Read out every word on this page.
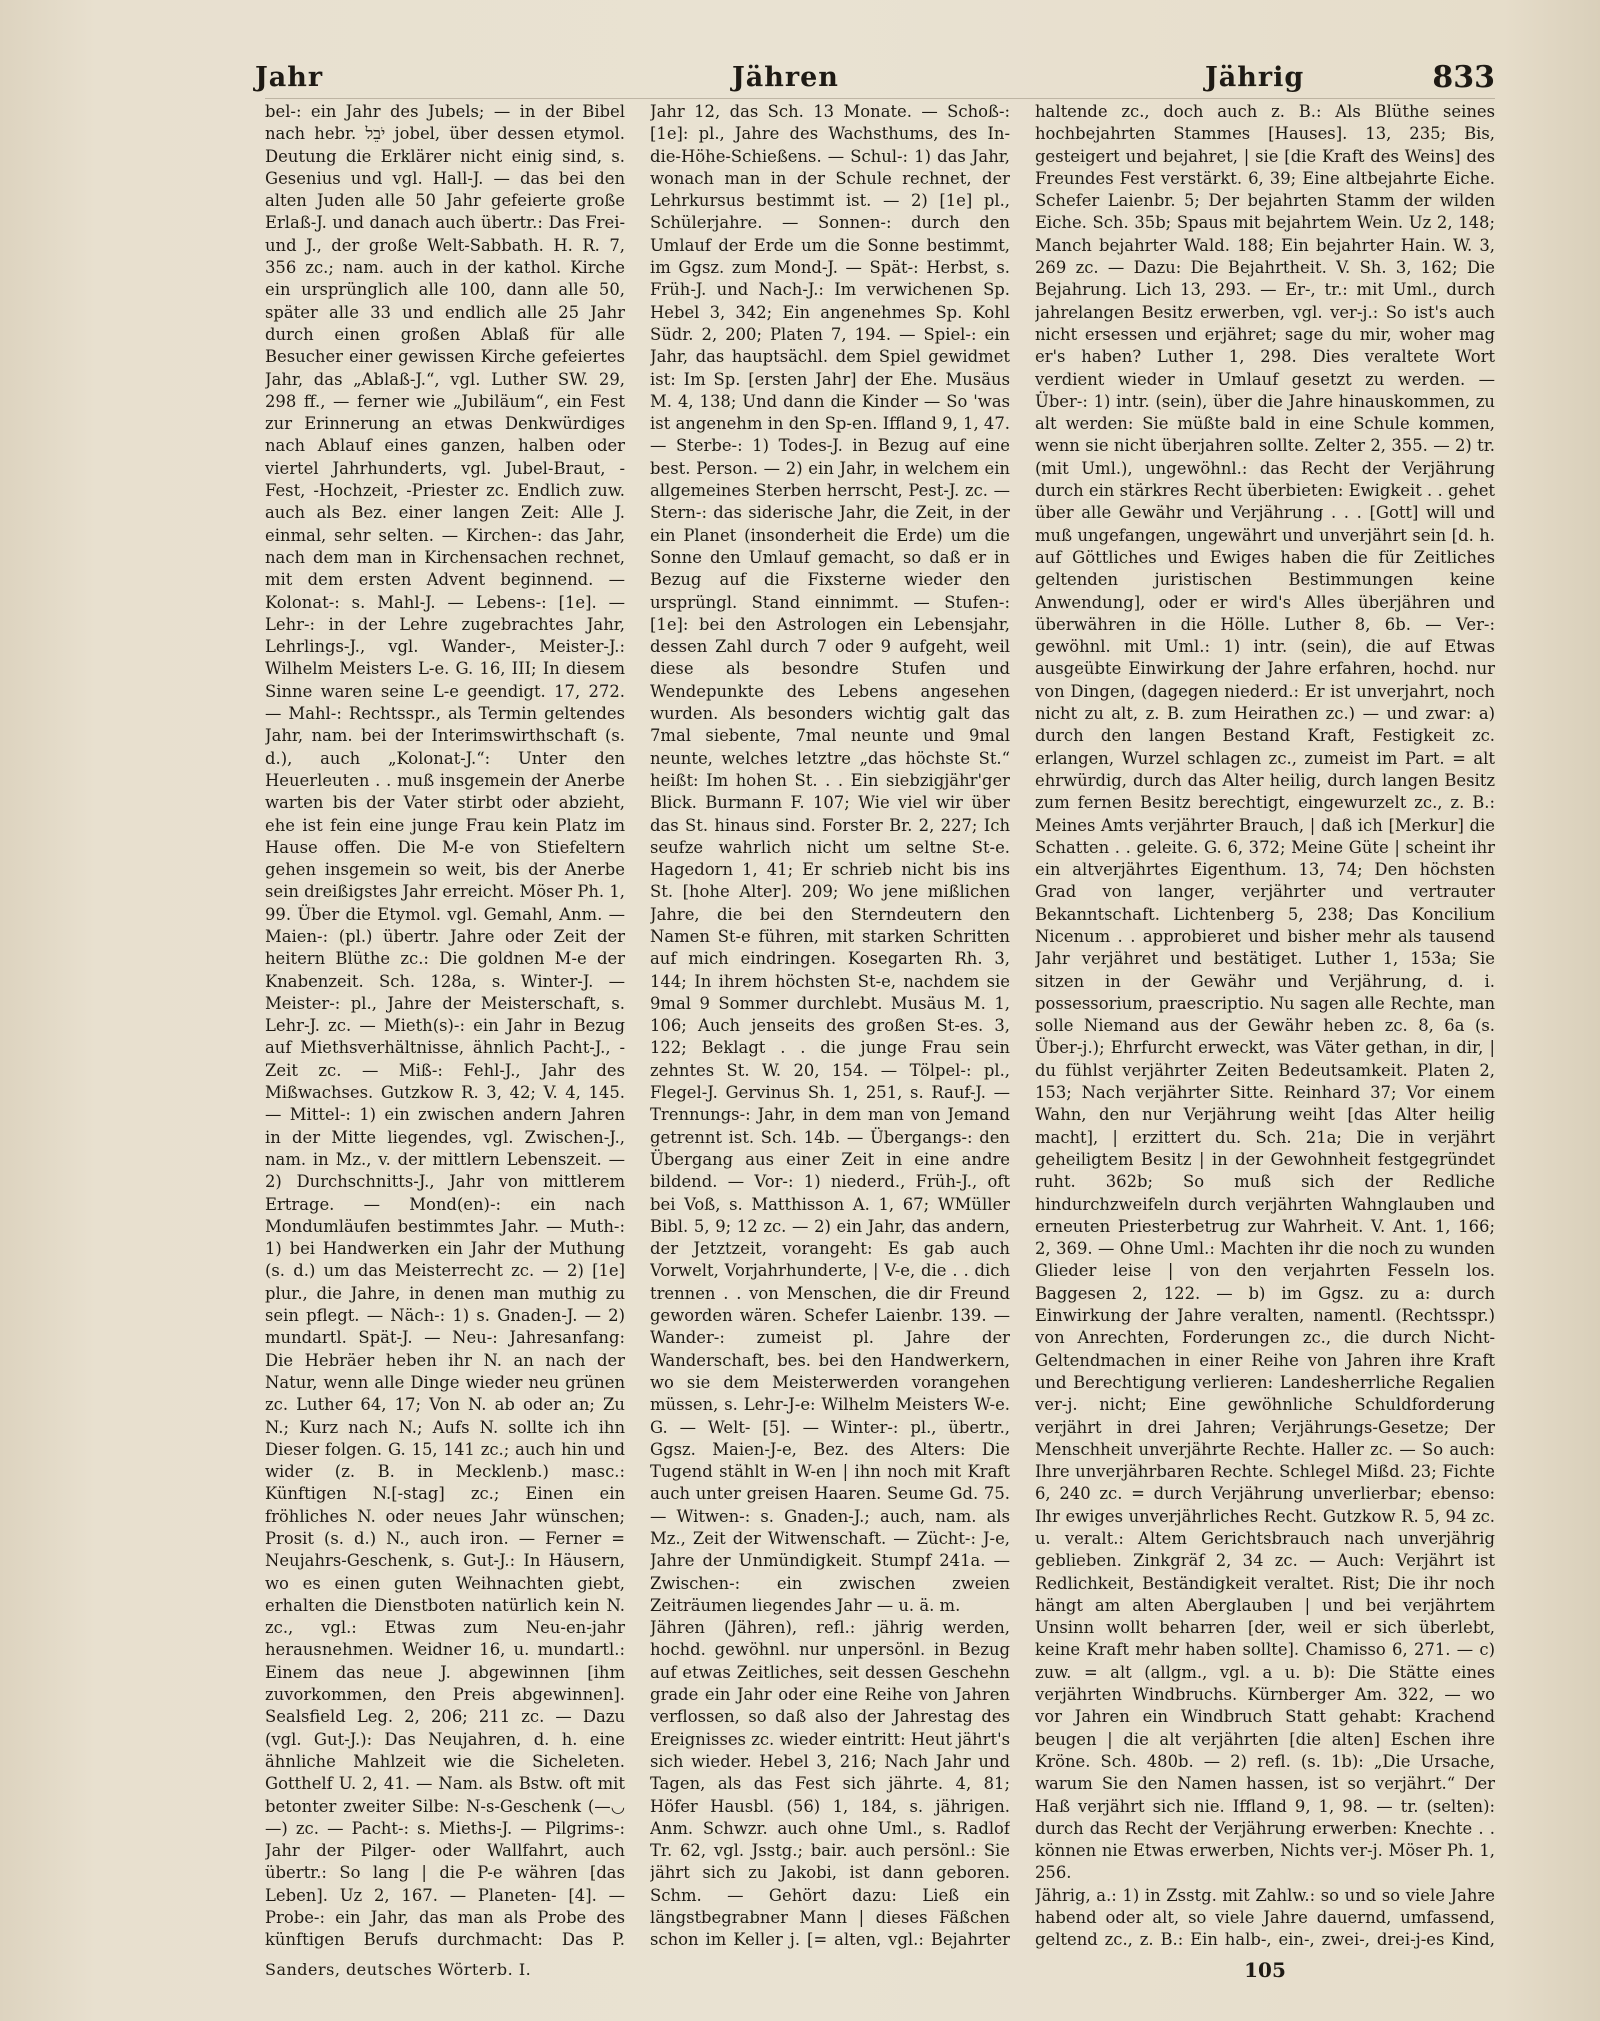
Jahr	Jähren	Jährig	833

bel-: ein Jahr des Jubels; — in der Bibel nach hebr. יֹבֵל jobel, über dessen etymol. Deutung die Erklärer nicht einig sind, s. Gesenius und vgl. Hall-J. — das bei den alten Juden alle 50 Jahr gefeierte große Erlaß-J. und danach auch übertr.: Das Frei- und J., der große Welt-Sabbath. H. R. 7, 356 zc.; nam. auch in der kathol. Kirche ein ursprünglich alle 100, dann alle 50, später alle 33 und endlich alle 25 Jahr durch einen großen Ablaß für alle Besucher einer gewissen Kirche gefeiertes Jahr, das „Ablaß-J.“, vgl. Luther SW. 29, 298 ff., — ferner wie „Jubiläum“, ein Fest zur Erinnerung an etwas Denkwürdiges nach Ablauf eines ganzen, halben oder viertel Jahrhunderts, vgl. Jubel-Braut, -Fest, -Hochzeit, -Priester zc. Endlich zuw. auch als Bez. einer langen Zeit: Alle J. einmal, sehr selten. — Kirchen-: das Jahr, nach dem man in Kirchensachen rechnet, mit dem ersten Advent beginnend. — Kolonat-: s. Mahl-J. — Lebens-: [1e]. — Lehr-: in der Lehre zugebrachtes Jahr, Lehrlings-J., vgl. Wander-, Meister-J.: Wilhelm Meisters L-e. G. 16, III; In diesem Sinne waren seine L-e geendigt. 17, 272. — Mahl-: Rechtsspr., als Termin geltendes Jahr, nam. bei der Interimswirthschaft (s. d.), auch „Kolonat-J.“: Unter den Heuerleuten . . muß insgemein der Anerbe warten bis der Vater stirbt oder abzieht, ehe ist fein eine junge Frau kein Platz im Hause offen. Die M-e von Stiefeltern gehen insgemein so weit, bis der Anerbe sein dreißigstes Jahr erreicht. Möser Ph. 1, 99. Über die Etymol. vgl. Gemahl, Anm. — Maien-: (pl.) übertr. Jahre oder Zeit der heitern Blüthe zc.: Die goldnen M-e der Knabenzeit. Sch. 128a, s. Winter-J. — Meister-: pl., Jahre der Meisterschaft, s. Lehr-J. zc. — Mieth(s)-: ein Jahr in Bezug auf Miethsverhältnisse, ähnlich Pacht-J., -Zeit zc. — Miß-: Fehl-J., Jahr des Mißwachses. Gutzkow R. 3, 42; V. 4, 145. — Mittel-: 1) ein zwischen andern Jahren in der Mitte liegendes, vgl. Zwischen-J., nam. in Mz., v. der mittlern Lebenszeit. — 2) Durchschnitts-J., Jahr von mittlerem Ertrage. — Mond(en)-: ein nach Mondumläufen bestimmtes Jahr. — Muth-: 1) bei Handwerken ein Jahr der Muthung (s. d.) um das Meisterrecht zc. — 2) [1e] plur., die Jahre, in denen man muthig zu sein pflegt. — Näch-: 1) s. Gnaden-J. — 2) mundartl. Spät-J. — Neu-: Jahresanfang: Die Hebräer heben ihr N. an nach der Natur, wenn alle Dinge wieder neu grünen zc. Luther 64, 17; Von N. ab oder an; Zu N.; Kurz nach N.; Aufs N. sollte ich ihn Dieser folgen. G. 15, 141 zc.; auch hin und wider (z. B. in Mecklenb.) masc.: Künftigen N.[-stag] zc.; Einen ein fröhliches N. oder neues Jahr wünschen; Prosit (s. d.) N., auch iron. — Ferner = Neujahrs-Geschenk, s. Gut-J.: In Häusern, wo es einen guten Weihnachten giebt, erhalten die Dienstboten natürlich kein N. zc., vgl.: Etwas zum Neu-en-jahr herausnehmen. Weidner 16, u. mundartl.: Einem das neue J. abgewinnen [ihm zuvorkommen, den Preis abgewinnen]. Sealsfield Leg. 2, 206; 211 zc. — Dazu (vgl. Gut-J.): Das Neujahren, d. h. eine ähnliche Mahlzeit wie die Sicheleten. Gotthelf U. 2, 41. — Nam. als Bstw. oft mit betonter zweiter Silbe: N-s-Geschenk (—◡—) zc. — Pacht-: s. Mieths-J. — Pilgrims-: Jahr der Pilger- oder Wallfahrt, auch übertr.: So lang | die P-e währen [das Leben]. Uz 2, 167. — Planeten- [4]. — Probe-: ein Jahr, das man als Probe des künftigen Berufs durchmacht: Das P.

Jahr 12, das Sch. 13 Monate. — Schoß-: [1e]: pl., Jahre des Wachsthums, des In-die-Höhe-Schießens. — Schul-: 1) das Jahr, wonach man in der Schule rechnet, der Lehrkursus bestimmt ist. — 2) [1e] pl., Schülerjahre. — Sonnen-: durch den Umlauf der Erde um die Sonne bestimmt, im Ggsz. zum Mond-J. — Spät-: Herbst, s. Früh-J. und Nach-J.: Im verwichenen Sp. Hebel 3, 342; Ein angenehmes Sp. Kohl Südr. 2, 200; Platen 7, 194. — Spiel-: ein Jahr, das hauptsächl. dem Spiel gewidmet ist: Im Sp. [ersten Jahr] der Ehe. Musäus M. 4, 138; Und dann die Kinder — So 'was ist angenehm in den Sp-en. Iffland 9, 1, 47. — Sterbe-: 1) Todes-J. in Bezug auf eine best. Person. — 2) ein Jahr, in welchem ein allgemeines Sterben herrscht, Pest-J. zc. — Stern-: das siderische Jahr, die Zeit, in der ein Planet (insonderheit die Erde) um die Sonne den Umlauf gemacht, so daß er in Bezug auf die Fixsterne wieder den ursprüngl. Stand einnimmt. — Stufen-: [1e]: bei den Astrologen ein Lebensjahr, dessen Zahl durch 7 oder 9 aufgeht, weil diese als besondre Stufen und Wendepunkte des Lebens angesehen wurden. Als besonders wichtig galt das 7mal siebente, 7mal neunte und 9mal neunte, welches letztre „das höchste St.“ heißt: Im hohen St. . . Ein siebzigjähr'ger Blick. Burmann F. 107; Wie viel wir über das St. hinaus sind. Forster Br. 2, 227; Ich seufze wahrlich nicht um seltne St-e. Hagedorn 1, 41; Er schrieb nicht bis ins St. [hohe Alter]. 209; Wo jene mißlichen Jahre, die bei den Sterndeutern den Namen St-e führen, mit starken Schritten auf mich eindringen. Kosegarten Rh. 3, 144; In ihrem höchsten St-e, nachdem sie 9mal 9 Sommer durchlebt. Musäus M. 1, 106; Auch jenseits des großen St-es. 3, 122; Beklagt . . die junge Frau sein zehntes St. W. 20, 154. — Tölpel-: pl., Flegel-J. Gervinus Sh. 1, 251, s. Rauf-J. — Trennungs-: Jahr, in dem man von Jemand getrennt ist. Sch. 14b. — Übergangs-: den Übergang aus einer Zeit in eine andre bildend. — Vor-: 1) niederd., Früh-J., oft bei Voß, s. Matthisson A. 1, 67; WMüller Bibl. 5, 9; 12 zc. — 2) ein Jahr, das andern, der Jetztzeit, vorangeht: Es gab auch Vorwelt, Vorjahrhunderte, | V-e, die . . dich trennen . . von Menschen, die dir Freund geworden wären. Schefer Laienbr. 139. — Wander-: zumeist pl. Jahre der Wanderschaft, bes. bei den Handwerkern, wo sie dem Meisterwerden vorangehen müssen, s. Lehr-J-e: Wilhelm Meisters W-e. G. — Welt- [5]. — Winter-: pl., übertr., Ggsz. Maien-J-e, Bez. des Alters: Die Tugend stählt in W-en | ihn noch mit Kraft auch unter greisen Haaren. Seume Gd. 75. — Witwen-: s. Gnaden-J.; auch, nam. als Mz., Zeit der Witwenschaft. — Zücht-: J-e, Jahre der Unmündigkeit. Stumpf 241a. — Zwischen-: ein zwischen zweien Zeiträumen liegendes Jahr — u. ä. m.
Jähren (Jähren), refl.: jährig werden, hochd. gewöhnl. nur unpersönl. in Bezug auf etwas Zeitliches, seit dessen Geschehn grade ein Jahr oder eine Reihe von Jahren verflossen, so daß also der Jahrestag des Ereignisses zc. wieder eintritt: Heut jährt's sich wieder. Hebel 3, 216; Nach Jahr und Tagen, als das Fest sich jährte. 4, 81; Höfer Hausbl. (56) 1, 184, s. jährigen. Anm. Schwzr. auch ohne Uml., s. Radlof Tr. 62, vgl. Jsstg.; bair. auch persönl.: Sie jährt sich zu Jakobi, ist dann geboren. Schm. — Gehört dazu: Ließ ein längstbegrabner Mann | dieses Fäßchen schon im Keller j. [= alten, vgl.: Bejahrter

haltende zc., doch auch z. B.: Als Blüthe seines hochbejahrten Stammes [Hauses]. 13, 235; Bis, gesteigert und bejahret, | sie [die Kraft des Weins] des Freundes Fest verstärkt. 6, 39; Eine altbejahrte Eiche. Schefer Laienbr. 5; Der bejahrten Stamm der wilden Eiche. Sch. 35b; Spaus mit bejahrtem Wein. Uz 2, 148; Manch bejahrter Wald. 188; Ein bejahrter Hain. W. 3, 269 zc. — Dazu: Die Bejahrtheit. V. Sh. 3, 162; Die Bejahrung. Lich 13, 293. — Er-, tr.: mit Uml., durch jahrelangen Besitz erwerben, vgl. ver-j.: So ist's auch nicht ersessen und erjähret; sage du mir, woher mag er's haben? Luther 1, 298. Dies veraltete Wort verdient wieder in Umlauf gesetzt zu werden. — Über-: 1) intr. (sein), über die Jahre hinauskommen, zu alt werden: Sie müßte bald in eine Schule kommen, wenn sie nicht überjahren sollte. Zelter 2, 355. — 2) tr. (mit Uml.), ungewöhnl.: das Recht der Verjährung durch ein stärkres Recht überbieten: Ewigkeit . . gehet über alle Gewähr und Verjährung . . . [Gott] will und muß ungefangen, ungewährt und unverjährt sein [d. h. auf Göttliches und Ewiges haben die für Zeitliches geltenden juristischen Bestimmungen keine Anwendung], oder er wird's Alles überjähren und überwähren in die Hölle. Luther 8, 6b. — Ver-: gewöhnl. mit Uml.: 1) intr. (sein), die auf Etwas ausgeübte Einwirkung der Jahre erfahren, hochd. nur von Dingen, (dagegen niederd.: Er ist unverjahrt, noch nicht zu alt, z. B. zum Heirathen zc.) — und zwar: a) durch den langen Bestand Kraft, Festigkeit zc. erlangen, Wurzel schlagen zc., zumeist im Part. = alt ehrwürdig, durch das Alter heilig, durch langen Besitz zum fernen Besitz berechtigt, eingewurzelt zc., z. B.: Meines Amts verjährter Brauch, | daß ich [Merkur] die Schatten . . geleite. G. 6, 372; Meine Güte | scheint ihr ein altverjährtes Eigenthum. 13, 74; Den höchsten Grad von langer, verjährter und vertrauter Bekanntschaft. Lichtenberg 5, 238; Das Koncilium Nicenum . . approbieret und bisher mehr als tausend Jahr verjähret und bestätiget. Luther 1, 153a; Sie sitzen in der Gewähr und Verjährung, d. i. possessorium, praescriptio. Nu sagen alle Rechte, man solle Niemand aus der Gewähr heben zc. 8, 6a (s. Über-j.); Ehrfurcht erweckt, was Väter gethan, in dir, | du fühlst verjährter Zeiten Bedeutsamkeit. Platen 2, 153; Nach verjährter Sitte. Reinhard 37; Vor einem Wahn, den nur Verjährung weiht [das Alter heilig macht], | erzittert du. Sch. 21a; Die in verjährt geheiligtem Besitz | in der Gewohnheit festgegründet ruht. 362b; So muß sich der Redliche hindurchzweifeln durch verjährten Wahnglauben und erneuten Priesterbetrug zur Wahrheit. V. Ant. 1, 166; 2, 369. — Ohne Uml.: Machten ihr die noch zu wunden Glieder leise | von den verjahrten Fesseln los. Baggesen 2, 122. — b) im Ggsz. zu a: durch Einwirkung der Jahre veralten, namentl. (Rechtsspr.) von Anrechten, Forderungen zc., die durch Nicht-Geltendmachen in einer Reihe von Jahren ihre Kraft und Berechtigung verlieren: Landesherrliche Regalien ver-j. nicht; Eine gewöhnliche Schuldforderung verjährt in drei Jahren; Verjährungs-Gesetze; Der Menschheit unverjährte Rechte. Haller zc. — So auch: Ihre unverjährbaren Rechte. Schlegel Mißd. 23; Fichte 6, 240 zc. = durch Verjährung unverlierbar; ebenso: Ihr ewiges unverjährliches Recht. Gutzkow R. 5, 94 zc. u. veralt.: Altem Gerichtsbrauch nach unverjährig geblieben. Zinkgräf 2, 34 zc. — Auch: Verjährt ist Redlichkeit, Beständigkeit veraltet. Rist; Die ihr noch hängt am alten Aberglauben | und bei verjährtem Unsinn wollt beharren [der, weil er sich überlebt, keine Kraft mehr haben sollte]. Chamisso 6, 271. — c) zuw. = alt (allgm., vgl. a u. b): Die Stätte eines verjährten Windbruchs. Kürnberger Am. 322, — wo vor Jahren ein Windbruch Statt gehabt: Krachend beugen | die alt verjährten [die alten] Eschen ihre Kröne. Sch. 480b. — 2) refl. (s. 1b): „Die Ursache, warum Sie den Namen hassen, ist so verjährt.“ Der Haß verjährt sich nie. Iffland 9, 1, 98. — tr. (selten): durch das Recht der Verjährung erwerben: Knechte . . können nie Etwas erwerben, Nichts ver-j. Möser Ph. 1, 256.
Jährig, a.: 1) in Zsstg. mit Zahlw.: so und so viele Jahre habend oder alt, so viele Jahre dauernd, umfassend, geltend zc., z. B.: Ein halb-, ein-, zwei-, drei-j-es Kind,

Sanders, deutsches Wörterb. I.	105
